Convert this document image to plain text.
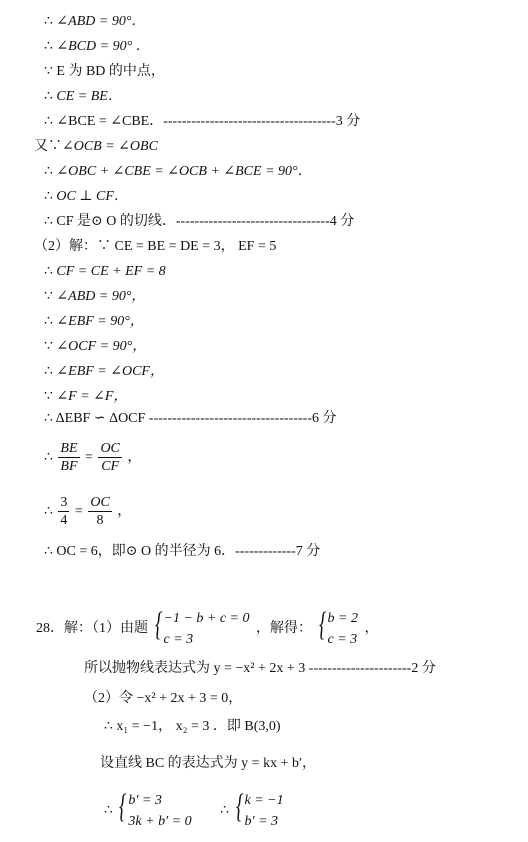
∴ ∠ABD = 90°．
∴ ∠BCD = 90° ．
∵ E 为 BD 的中点，
∴ CE = BE．
∴ ∠BCE = ∠CBE．-------------------------------------3 分
又∵∠OCB = ∠OBC
∴ ∠OBC + ∠CBE = ∠OCB + ∠BCE = 90°．
∴ OC ⊥ CF．
∴ CF 是⊙ O 的切线．---------------------------------4 分
（2）解：∵ CE = BE = DE = 3， EF = 5
∴ CF = CE + EF = 8
∵ ∠ABD = 90°，
∴ ∠EBF = 90°，
∵ ∠OCF = 90°，
∴ ∠EBF = ∠OCF，
∵ ∠F = ∠F，
∴ ΔEBF ∽ ΔOCF -----------------------------------6 分
∴ $\frac{BE}{BF} = \frac{OC}{CF}$ ，
∴ $\frac{3}{4} = \frac{OC}{8}$ ，
∴ OC = 6，即⊙ O 的半径为 6．-------------7 分
28．解：（1）由题 { −1 − b + c = 0
c = 3
，解得： { b = 2
c = 3
，
所以抛物线表达式为 y = −x² + 2x + 3 ----------------------2 分
（2）令 −x² + 2x + 3 = 0，
∴ x₁ = −1， x₂ = 3 ．即 B(3,0)
设直线 BC 的表达式为 y = kx + b′，
∴ { b′ = 3
3k + b′ = 0
∴ { k = −1
b′ = 3
